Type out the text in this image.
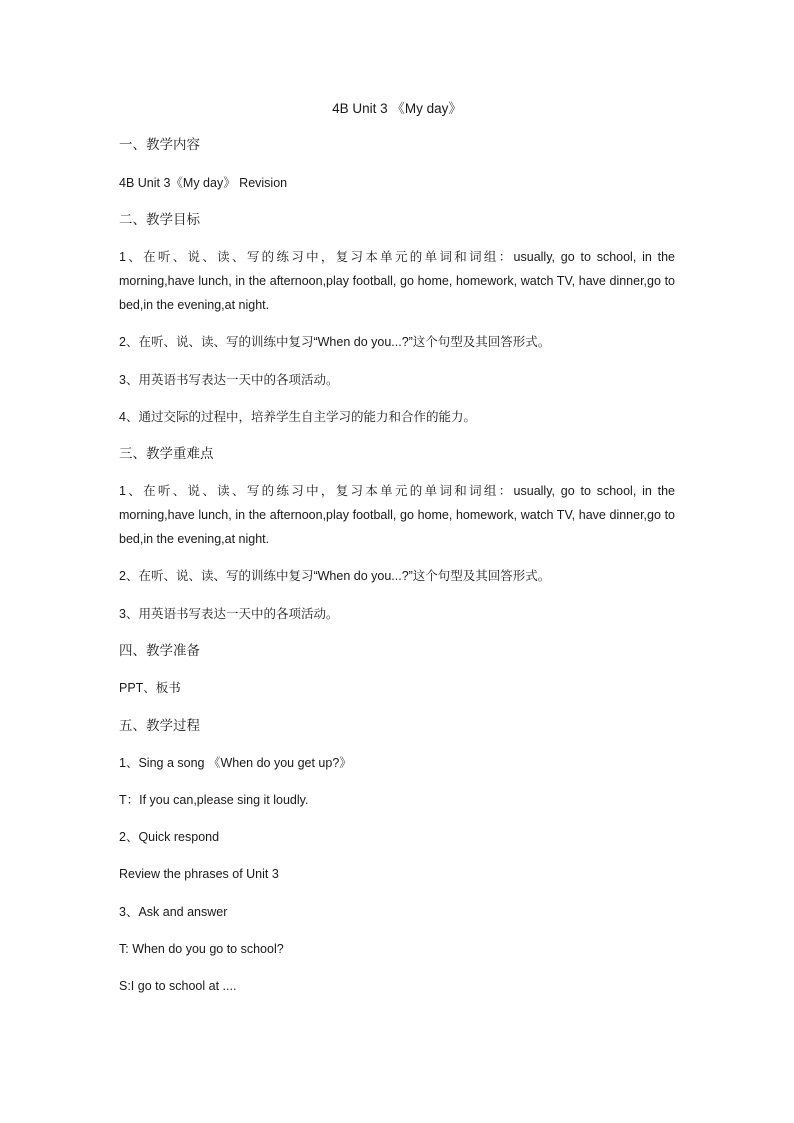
4B Unit 3 《My day》
一、教学内容
4B Unit 3《My day》 Revision
二、教学目标
1、在听、说、读、写的练习中，复习本单元的单词和词组：usually, go to school, in the morning,have lunch, in the afternoon,play football, go home, homework, watch TV, have dinner,go to bed,in the evening,at night.
2、在听、说、读、写的训练中复习“When do you...?”这个句型及其回答形式。
3、用英语书写表达一天中的各项活动。
4、通过交际的过程中，培养学生自主学习的能力和合作的能力。
三、教学重难点
1、在听、说、读、写的练习中，复习本单元的单词和词组：usually, go to school, in the morning,have lunch, in the afternoon,play football, go home, homework, watch TV, have dinner,go to bed,in the evening,at night.
2、在听、说、读、写的训练中复习“When do you...?”这个句型及其回答形式。
3、用英语书写表达一天中的各项活动。
四、教学准备
PPT、板书
五、教学过程
1、Sing a song 《When do you get up?》
T：If you can,please sing it loudly.
2、Quick respond
Review the phrases of Unit 3
3、Ask and answer
T: When do you go to school?
S:I go to school at ....
